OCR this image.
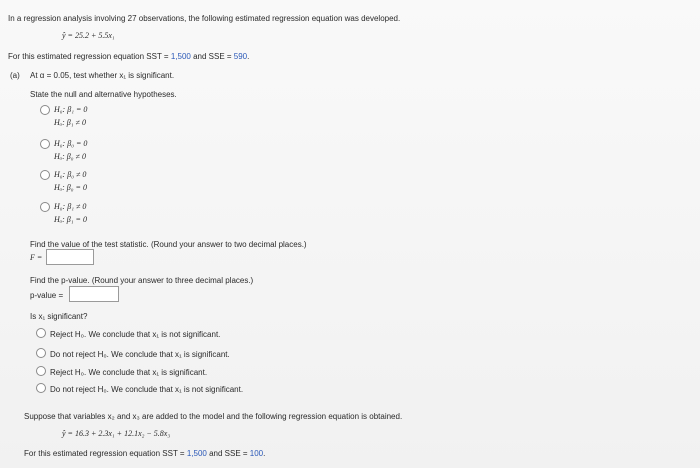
In a regression analysis involving 27 observations, the following estimated regression equation was developed.
ŷ = 25.2 + 5.5x₁
For this estimated regression equation SST = 1,500 and SSE = 590.
(a) At α = 0.05, test whether x₁ is significant.
State the null and alternative hypotheses.
H₀: β₁ = 0
Hₐ: β₁ ≠ 0
H₀: β₀ = 0
Hₐ: β₀ ≠ 0
H₀: β₀ ≠ 0
Hₐ: β₀ = 0
H₀: β₁ ≠ 0
Hₐ: β₁ = 0
Find the value of the test statistic. (Round your answer to two decimal places.)
F =
Find the p-value. (Round your answer to three decimal places.)
p-value =
Is x₁ significant?
Reject H₀. We conclude that x₁ is not significant.
Do not reject H₀. We conclude that x₁ is significant.
Reject H₀. We conclude that x₁ is significant.
Do not reject H₀. We conclude that x₁ is not significant.
Suppose that variables x₂ and x₃ are added to the model and the following regression equation is obtained.
ŷ = 16.3 + 2.3x₁ + 12.1x₂ − 5.8x₃
For this estimated regression equation SST = 1,500 and SSE = 100.
